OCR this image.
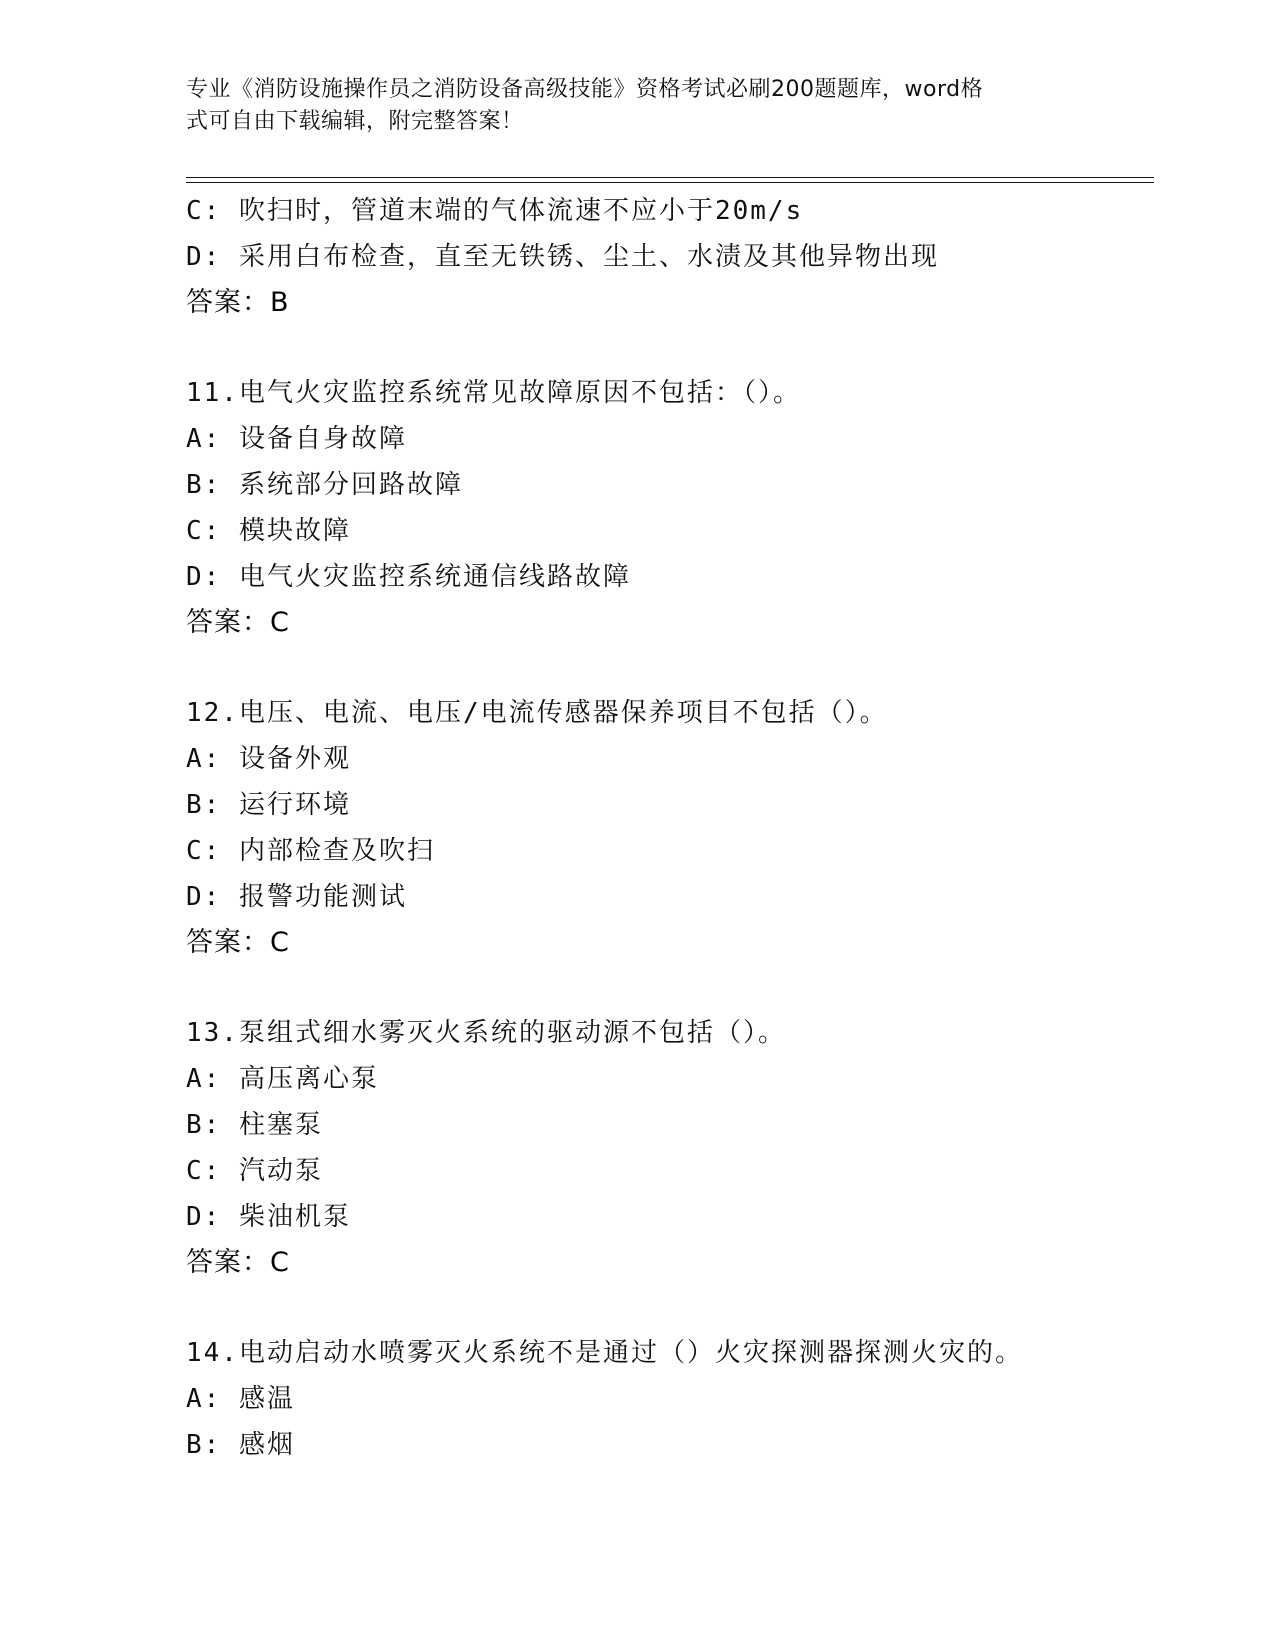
专业《消防设施操作员之消防设备高级技能》资格考试必刷200题题库，word格
式可自由下载编辑，附完整答案！
C: 吹扫时，管道末端的气体流速不应小于20m/s
D: 采用白布检查，直至无铁锈、尘土、水渍及其他异物出现
答案：B
11.电气火灾监控系统常见故障原因不包括：（）。
A: 设备自身故障
B: 系统部分回路故障
C: 模块故障
D: 电气火灾监控系统通信线路故障
答案：C
12.电压、电流、电压/电流传感器保养项目不包括（）。
A: 设备外观
B: 运行环境
C: 内部检查及吹扫
D: 报警功能测试
答案：C
13.泵组式细水雾灭火系统的驱动源不包括（）。
A: 高压离心泵
B: 柱塞泵
C: 汽动泵
D: 柴油机泵
答案：C
14.电动启动水喷雾灭火系统不是通过（）火灾探测器探测火灾的。
A: 感温
B: 感烟
